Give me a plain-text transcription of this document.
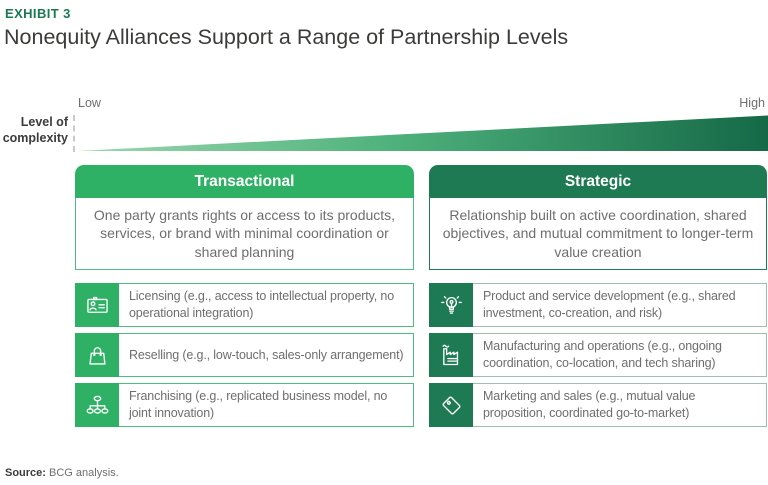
EXHIBIT 3
Nonequity Alliances Support a Range of Partnership Levels
Level of
complexity
Low	High
Transactional
One party grants rights or access to its products, services, or brand with minimal coordination or shared planning
Licensing (e.g., access to intellectual property, no operational integration)
Reselling (e.g., low-touch, sales-only arrangement)
Franchising (e.g., replicated business model, no joint innovation)
Strategic
Relationship built on active coordination, shared objectives, and mutual commitment to longer-term value creation
Product and service development (e.g., shared investment, co-creation, and risk)
Manufacturing and operations (e.g., ongoing coordination, co-location, and tech sharing)
Marketing and sales (e.g., mutual value proposition, coordinated go-to-market)
Source: BCG analysis.
